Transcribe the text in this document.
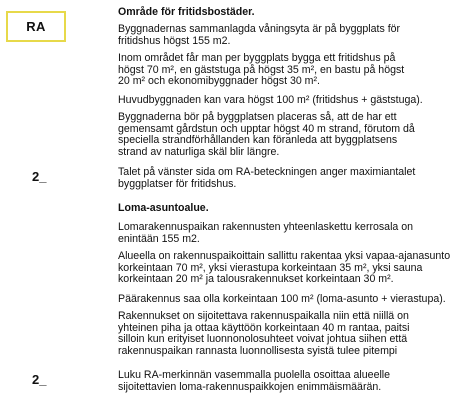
RA
2_
2_

Område för fritidsbostäder.

Byggnadernas sammanlagda våningsyta är på byggplats för fritidshus högst 155 m2.

Inom området får man per byggplats bygga ett fritidshus på högst 70 m², en gäststuga på högst 35 m², en bastu på högst 20 m² och ekonomibyggnader högst 30 m².

Huvudbyggnaden kan vara högst 100 m² (fritidshus + gäststuga).

Byggnaderna bör på byggplatsen placeras så, att de har ett gemensamt gårdstun och upptar högst 40 m strand, förutom då speciella strandförhållanden kan föranleda att byggplatsens strand av naturliga skäl blir längre.

Talet på vänster sida om RA-beteckningen anger maximiantalet byggplatser för fritidshus.

Loma-asuntoalue.

Lomarakennuspaikan rakennusten yhteenlaskettu kerrosala on enintään 155 m2.

Alueella on rakennuspaikoittain sallittu rakentaa yksi vapaa-ajanasunto korkeintaan 70 m², yksi vierastupa korkeintaan 35 m², yksi sauna korkeintaan 20 m² ja talousrakennukset korkeintaan 30 m².

Päärakennus saa olla korkeintaan 100 m² (loma-asunto + vierastupa).

Rakennukset on sijoitettava rakennuspaikalla niin että niillä on yhteinen piha ja ottaa käyttöön korkeintaan 40 m rantaa, paitsi silloin kun erityiset luonnonolosuhteet voivat johtua siihen että rakennuspaikan rannasta luonnollisesta syistä tulee pitempi

Luku RA-merkinnän vasemmalla puolella osoittaa alueelle sijoitettavien loma-rakennuspaikkojen enimmäismäärän.
